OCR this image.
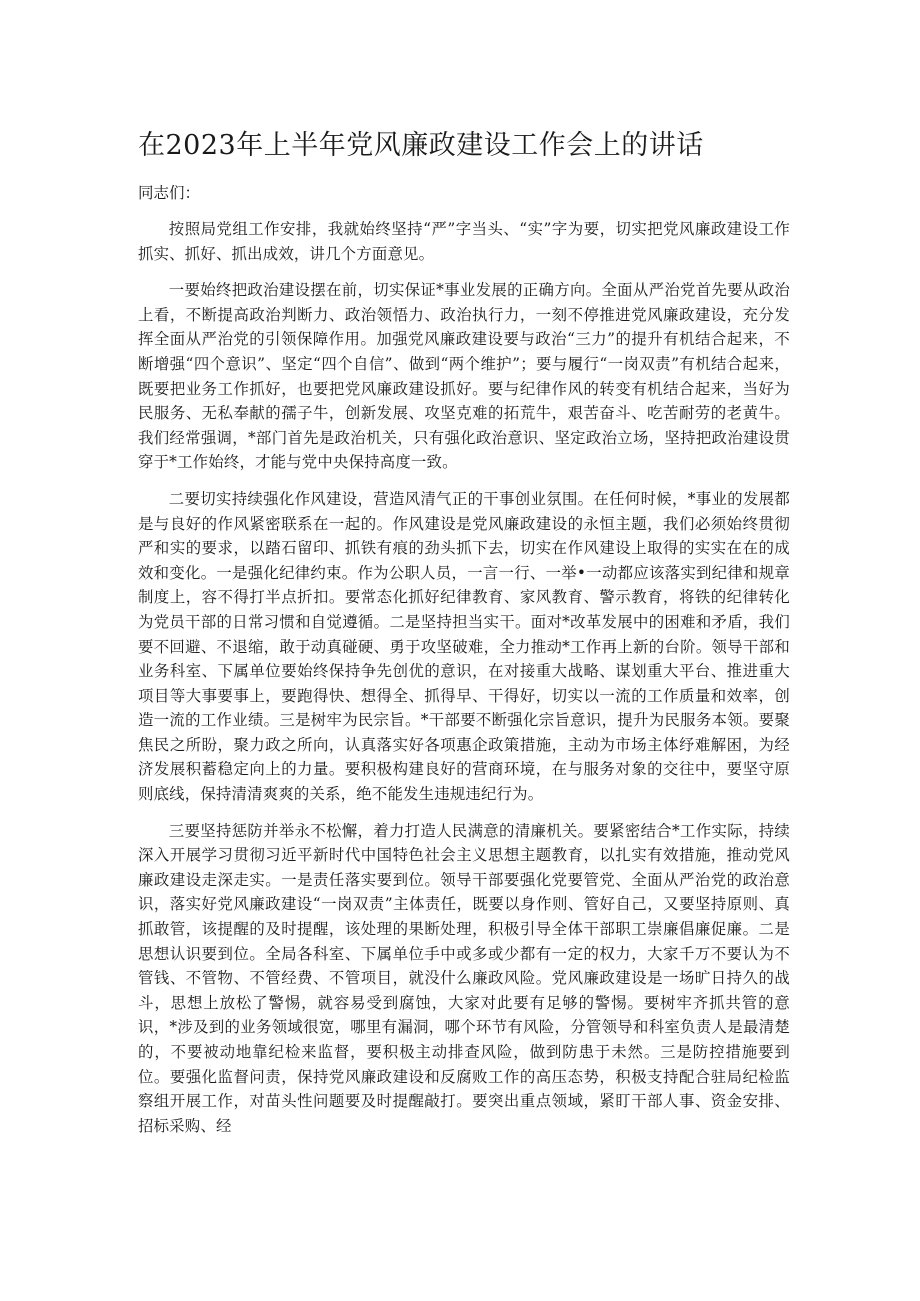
在2023年上半年党风廉政建设工作会上的讲话

同志们：

按照局党组工作安排，我就始终坚持“严”字当头、“实”字为要，切实把党风廉政建设工作抓实、抓好、抓出成效，讲几个方面意见。

一要始终把政治建设摆在前，切实保证*事业发展的正确方向。全面从严治党首先要从政治上看，不断提高政治判断力、政治领悟力、政治执行力，一刻不停推进党风廉政建设，充分发挥全面从严治党的引领保障作用。加强党风廉政建设要与政治“三力”的提升有机结合起来，不断增强“四个意识”、坚定“四个自信”、做到“两个维护”；要与履行“一岗双责”有机结合起来，既要把业务工作抓好，也要把党风廉政建设抓好。要与纪律作风的转变有机结合起来，当好为民服务、无私奉献的孺子牛，创新发展、攻坚克难的拓荒牛，艰苦奋斗、吃苦耐劳的老黄牛。我们经常强调，*部门首先是政治机关，只有强化政治意识、坚定政治立场，坚持把政治建设贯穿于*工作始终，才能与党中央保持高度一致。

二要切实持续强化作风建设，营造风清气正的干事创业氛围。在任何时候，*事业的发展都是与良好的作风紧密联系在一起的。作风建设是党风廉政建设的永恒主题，我们必须始终贯彻严和实的要求，以踏石留印、抓铁有痕的劲头抓下去，切实在作风建设上取得的实实在在的成效和变化。一是强化纪律约束。作为公职人员，一言一行、一举•一动都应该落实到纪律和规章制度上，容不得打半点折扣。要常态化抓好纪律教育、家风教育、警示教育，将铁的纪律转化为党员干部的日常习惯和自觉遵循。二是坚持担当实干。面对*改革发展中的困难和矛盾，我们要不回避、不退缩，敢于动真碰硬、勇于攻坚破难，全力推动*工作再上新的台阶。领导干部和业务科室、下属单位要始终保持争先创优的意识，在对接重大战略、谋划重大平台、推进重大项目等大事要事上，要跑得快、想得全、抓得早、干得好，切实以一流的工作质量和效率，创造一流的工作业绩。三是树牢为民宗旨。*干部要不断强化宗旨意识，提升为民服务本领。要聚焦民之所盼，聚力政之所向，认真落实好各项惠企政策措施，主动为市场主体纾难解困，为经济发展积蓄稳定向上的力量。要积极构建良好的营商环境，在与服务对象的交往中，要坚守原则底线，保持清清爽爽的关系，绝不能发生违规违纪行为。

三要坚持惩防并举永不松懈，着力打造人民满意的清廉机关。要紧密结合*工作实际，持续深入开展学习贯彻习近平新时代中国特色社会主义思想主题教育，以扎实有效措施，推动党风廉政建设走深走实。一是责任落实要到位。领导干部要强化党要管党、全面从严治党的政治意识，落实好党风廉政建设“一岗双责”主体责任，既要以身作则、管好自己，又要坚持原则、真抓敢管，该提醒的及时提醒，该处理的果断处理，积极引导全体干部职工崇廉倡廉促廉。二是思想认识要到位。全局各科室、下属单位手中或多或少都有一定的权力，大家千万不要认为不管钱、不管物、不管经费、不管项目，就没什么廉政风险。党风廉政建设是一场旷日持久的战斗，思想上放松了警惕，就容易受到腐蚀，大家对此要有足够的警惕。要树牢齐抓共管的意识，*涉及到的业务领域很宽，哪里有漏洞，哪个环节有风险，分管领导和科室负责人是最清楚的，不要被动地靠纪检来监督，要积极主动排查风险，做到防患于未然。三是防控措施要到位。要强化监督问责，保持党风廉政建设和反腐败工作的高压态势，积极支持配合驻局纪检监察组开展工作，对苗头性问题要及时提醒敲打。要突出重点领域，紧盯干部人事、资金安排、招标采购、经
